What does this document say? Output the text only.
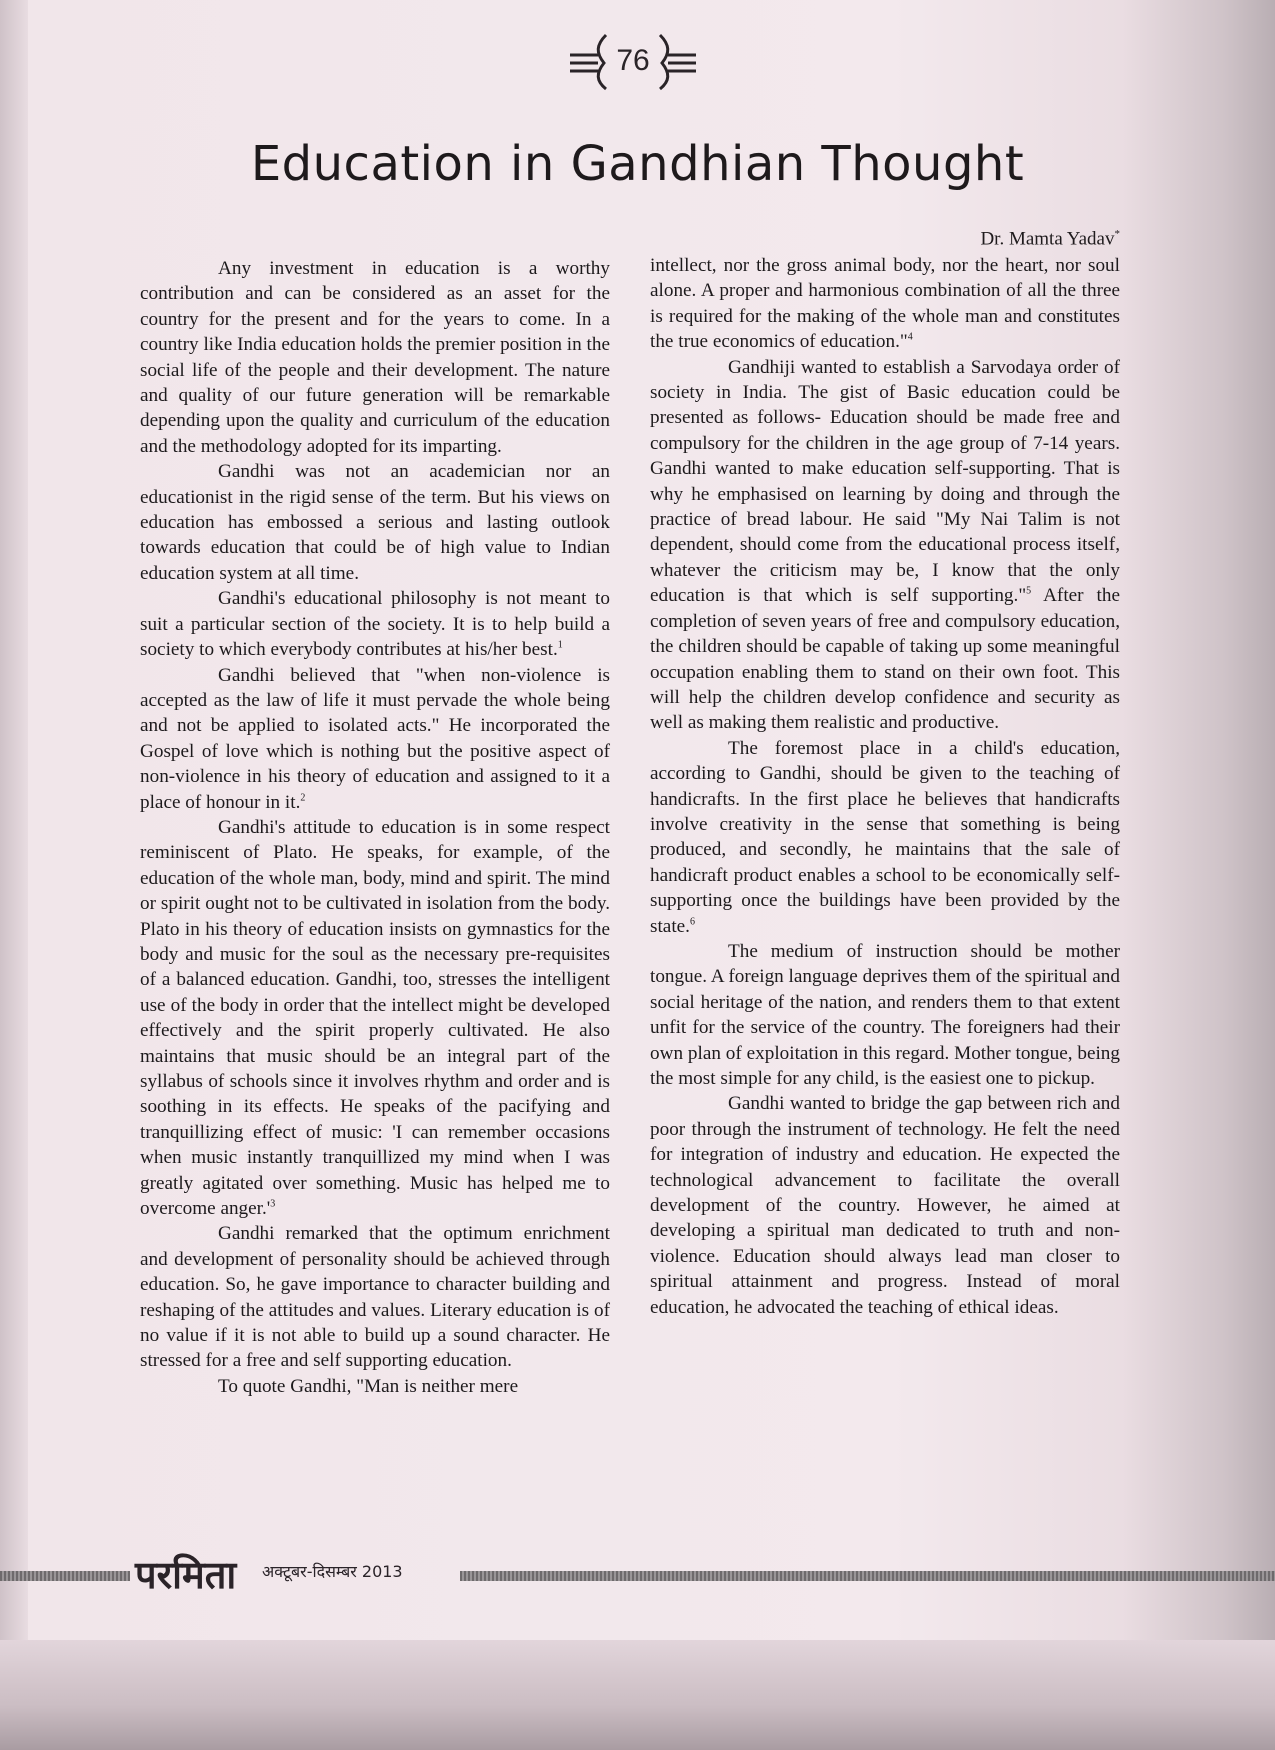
76
Education in Gandhian Thought
Dr. Mamta Yadav*

Any investment in education is a worthy contribution and can be considered as an asset for the country for the present and for the years to come. In a country like India education holds the premier position in the social life of the people and their development. The nature and quality of our future generation will be remarkable depending upon the quality and curriculum of the education and the methodology adopted for its imparting.

Gandhi was not an academician nor an educationist in the rigid sense of the term. But his views on education has embossed a serious and lasting outlook towards education that could be of high value to Indian education system at all time.

Gandhi's educational philosophy is not meant to suit a particular section of the society. It is to help build a society to which everybody contributes at his/her best.$^1$

Gandhi believed that "when non-violence is accepted as the law of life it must pervade the whole being and not be applied to isolated acts." He incorporated the Gospel of love which is nothing but the positive aspect of non-violence in his theory of education and assigned to it a place of honour in it.$^2$

Gandhi's attitude to education is in some respect reminiscent of Plato. He speaks, for example, of the education of the whole man, body, mind and spirit. The mind or spirit ought not to be cultivated in isolation from the body. Plato in his theory of education insists on gymnastics for the body and music for the soul as the necessary pre-requisites of a balanced education. Gandhi, too, stresses the intelligent use of the body in order that the intellect might be developed effectively and the spirit properly cultivated. He also maintains that music should be an integral part of the syllabus of schools since it involves rhythm and order and is soothing in its effects. He speaks of the pacifying and tranquillizing effect of music: 'I can remember occasions when music instantly tranquillized my mind when I was greatly agitated over something. Music has helped me to overcome $anger.'^3$

Gandhi remarked that the optimum enrichment and development of personality should be achieved through education. So, he gave importance to character building and reshaping of the attitudes and values. Literary education is of no value if it is not able to build up a sound character. He stressed for a free and self supporting education.

To quote Gandhi, "Man is neither mere

intellect, nor the gross animal body, nor the heart, nor soul alone. A proper and harmonious combination of all the three is required for the making of the whole man and constitutes the true economics of education."$^4$

Gandhiji wanted to establish a Sarvodaya order of society in India. The gist of Basic education could be presented as follows- Education should be made free and compulsory for the children in the age group of 7-14 years. Gandhi wanted to make education self-supporting. That is why he emphasised on learning by doing and through the practice of bread labour. He said "My Nai Talim is not dependent, should come from the educational process itself, whatever the criticism may be, I know that the only education is that which is self supporting."$^5$ After the completion of seven years of free and compulsory education, the children should be capable of taking up some meaningful occupation enabling them to stand on their own foot. This will help the children develop confidence and security as well as making them realistic and productive.

The foremost place in a child's education, according to Gandhi, should be given to the teaching of handicrafts. In the first place he believes that handicrafts involve creativity in the sense that something is being produced, and secondly, he maintains that the sale of handicraft product enables a school to be economically self-supporting once the buildings have been provided by the state.$^6$

The medium of instruction should be mother tongue. A foreign language deprives them of the spiritual and social heritage of the nation, and renders them to that extent unfit for the service of the country. The foreigners had their own plan of exploitation in this regard. Mother tongue, being the most simple for any child, is the easiest one to pickup.

Gandhi wanted to bridge the gap between rich and poor through the instrument of technology. He felt the need for integration of industry and education. He expected the technological advancement to facilitate the overall development of the country. However, he aimed at developing a spiritual man dedicated to truth and non-violence. Education should always lead man closer to spiritual attainment and progress. Instead of moral education, he advocated the teaching of ethical ideas.

परमिता अक्टूबर-दिसम्बर 2013
